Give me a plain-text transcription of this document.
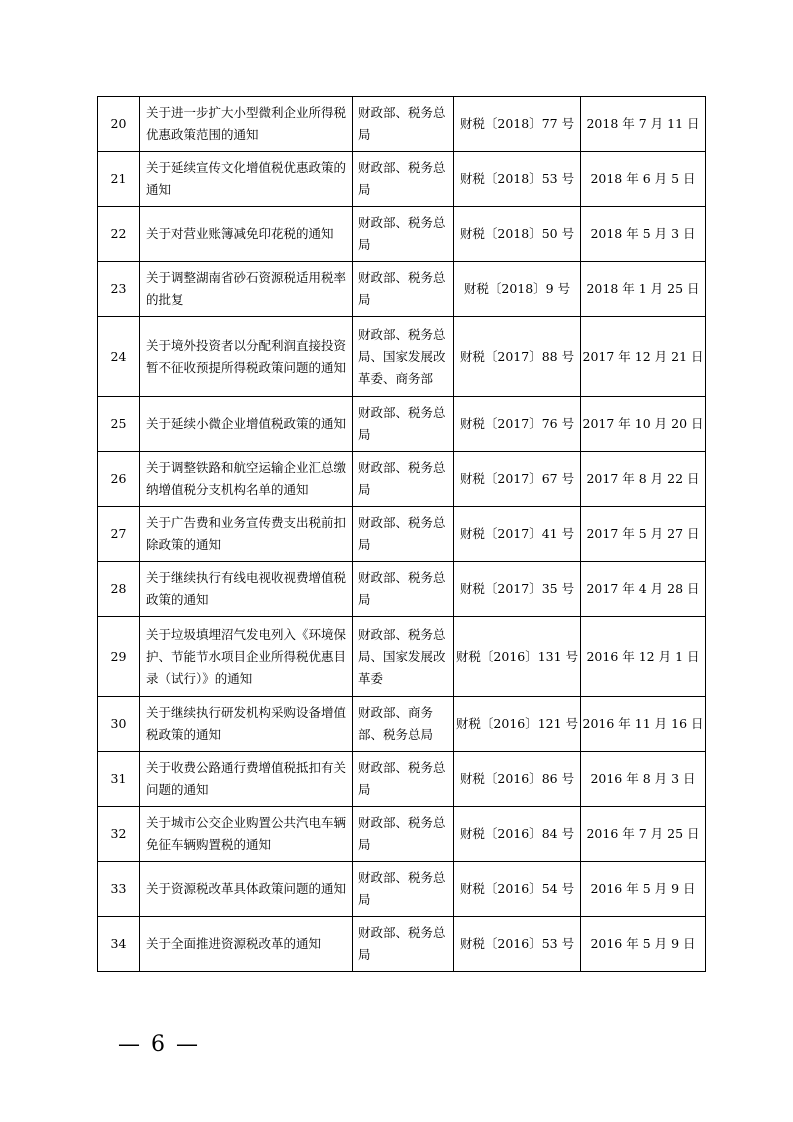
20	关于进一步扩大小型微利企业所得税优惠政策范围的通知	财政部、税务总局	财税〔2018〕77 号	2018 年 7 月 11 日
21	关于延续宣传文化增值税优惠政策的通知	财政部、税务总局	财税〔2018〕53 号	2018 年 6 月 5 日
22	关于对营业账簿减免印花税的通知	财政部、税务总局	财税〔2018〕50 号	2018 年 5 月 3 日
23	关于调整湖南省砂石资源税适用税率的批复	财政部、税务总局	财税〔2018〕9 号	2018 年 1 月 25 日
24	关于境外投资者以分配利润直接投资暂不征收预提所得税政策问题的通知	财政部、税务总局、国家发展改革委、商务部	财税〔2017〕88 号	2017 年 12 月 21 日
25	关于延续小微企业增值税政策的通知	财政部、税务总局	财税〔2017〕76 号	2017 年 10 月 20 日
26	关于调整铁路和航空运输企业汇总缴纳增值税分支机构名单的通知	财政部、税务总局	财税〔2017〕67 号	2017 年 8 月 22 日
27	关于广告费和业务宣传费支出税前扣除政策的通知	财政部、税务总局	财税〔2017〕41 号	2017 年 5 月 27 日
28	关于继续执行有线电视收视费增值税政策的通知	财政部、税务总局	财税〔2017〕35 号	2017 年 4 月 28 日
29	关于垃圾填埋沼气发电列入《环境保护、节能节水项目企业所得税优惠目录（试行）》的通知	财政部、税务总局、国家发展改革委	财税〔2016〕131 号	2016 年 12 月 1 日
30	关于继续执行研发机构采购设备增值税政策的通知	财政部、商务部、税务总局	财税〔2016〕121 号	2016 年 11 月 16 日
31	关于收费公路通行费增值税抵扣有关问题的通知	财政部、税务总局	财税〔2016〕86 号	2016 年 8 月 3 日
32	关于城市公交企业购置公共汽电车辆免征车辆购置税的通知	财政部、税务总局	财税〔2016〕84 号	2016 年 7 月 25 日
33	关于资源税改革具体政策问题的通知	财政部、税务总局	财税〔2016〕54 号	2016 年 5 月 9 日
34	关于全面推进资源税改革的通知	财政部、税务总局	财税〔2016〕53 号	2016 年 5 月 9 日
— 6 —
